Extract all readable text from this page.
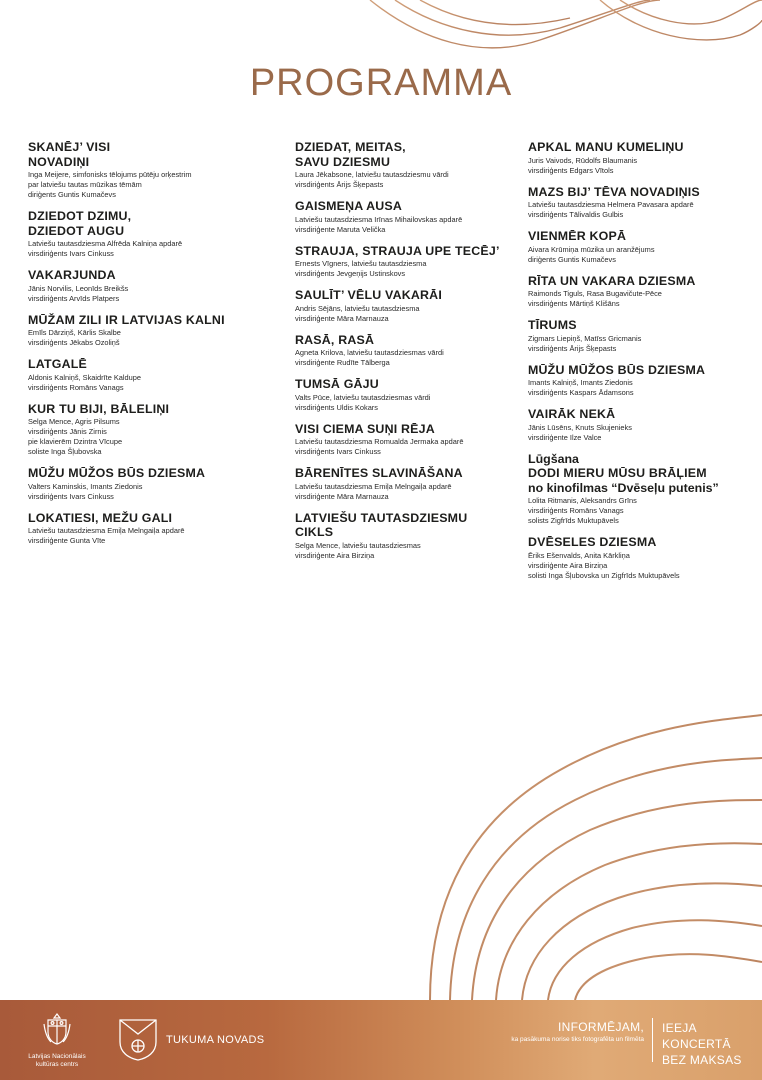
PROGRAMMA
SKANĒJ’ VISI NOVADIŅI

Inga Meijere, simfonisks tēlojums pūtēju orķestrim
par latviešu tautas mūzikas tēmām
diriģents Guntis Kumačevs

DZIEDOT DZIMU, DZIEDOT AUGU

Latviešu tautasdziesma Alfrēda Kalniņa apdarē
virsdiriģents Ivars Cinkuss

VAKARJUNDA

Jānis Norvilis, Leonīds Breikšs
virsdiriģents Arvīds Platpers

MŪŽAM ZILI IR LATVIJAS KALNI

Emīls Dārziņš, Kārlis Skalbe
virsdiriģents Jēkabs Ozoliņš

LATGALĒ

Aldonis Kalniņš, Skaidrīte Kaldupe
virsdiriģents Romāns Vanags

KUR TU BIJI, BĀLELIŅI

Selga Mence, Agris Pilsums
virsdiriģents Jānis Zirnis
pie klavierēm Dzintra Vīcupe
soliste Inga Šļubovska

MŪŽU MŪŽOS BŪS DZIESMA

Valters Kaminskis, Imants Ziedonis
virsdiriģents Ivars Cinkuss

LOKATIESI, MEŽU GALI

Latviešu tautasdziesma Emiļa Melngaiļa apdarē
virsdiriģente Gunta Vīte

DZIEDAT, MEITAS, SAVU DZIESMU

Laura Jēkabsone, latviešu tautasdziesmu vārdi
virsdiriģents Ārijs Šķepasts

GAISMEŅA AUSA

Latviešu tautasdziesma Irīnas Mihailovskas apdarē
virsdiriģente Maruta Velička

STRAUJA, STRAUJA UPE TECĒJ’

Ernests Vīgners, latviešu tautasdziesma
virsdiriģents Jevgeņijs Ustinskovs

SAULĪT’ VĒLU VAKARĀI

Andris Sējāns, latviešu tautasdziesma
virsdiriģente Māra Marnauza

RASĀ, RASĀ

Agneta Krilova, latviešu tautasdziesmas vārdi
virsdiriģente Rudīte Tālberga

TUMSĀ GĀJU

Valts Pūce, latviešu tautasdziesmas vārdi
virsdiriģents Uldis Kokars

VISI CIEMA SUŅI RĒJA

Latviešu tautasdziesma Romualda Jermaka apdarē
virsdiriģents Ivars Cinkuss

BĀRENĪTES SLAVINĀŠANA

Latviešu tautasdziesma Emiļa Melngaiļa apdarē
virsdiriģente Māra Marnauza

LATVIEŠU TAUTASDZIESMU CIKLS

Selga Mence, latviešu tautasdziesmas
virsdiriģente Aira Birziņa

APKAL MANU KUMELIŅU

Juris Vaivods, Rūdolfs Blaumanis
virsdiriģents Edgars Vītols

MAZS BIJ’ TĒVA NOVADIŅIS

Latviešu tautasdziesma Helmera Pavasara apdarē
virsdiriģents Tālivaldis Gulbis

VIENMĒR KOPĀ

Aivara Krūmiņa mūzika un aranžējums
diriģents Guntis Kumačevs

RĪTA UN VAKARA DZIESMA

Raimonds Tiguls, Rasa Bugavičute-Pēce
virsdiriģents Mārtiņš Klišāns

TĪRUMS

Zigmars Liepiņš, Matīss Gricmanis
virsdiriģents Ārijs Šķepasts

MŪŽU MŪŽOS BŪS DZIESMA

Imants Kalniņš, Imants Ziedonis
virsdiriģents Kaspars Ādamsons

VAIRĀK NEKĀ

Jānis Lūsēns, Knuts Skujenieks
virsdiriģente Ilze Valce

Lūgšana
DODI MIERU MŪSU BRĀĻIEM
no kinofilmas “Dvēseļu putenis”

Lolita Ritmanis, Aleksandrs Grīns
virsdiriģents Romāns Vanags
solists Zigfrīds Muktupāvels

DVĒSELES DZIESMA

Ēriks Ešenvalds, Anita Kārkliņa
virsdiriģente Aira Birziņa
solisti Inga Šļubovska un Zigfrīds Muktupāvels

Latvijas Nacionālais
kultūras centrs
TUKUMA NOVADS
INFORMĒJAM,
ka pasākuma norise tiks fotografēta un filmēta
IEEJA KONCERTĀ
BEZ MAKSAS
